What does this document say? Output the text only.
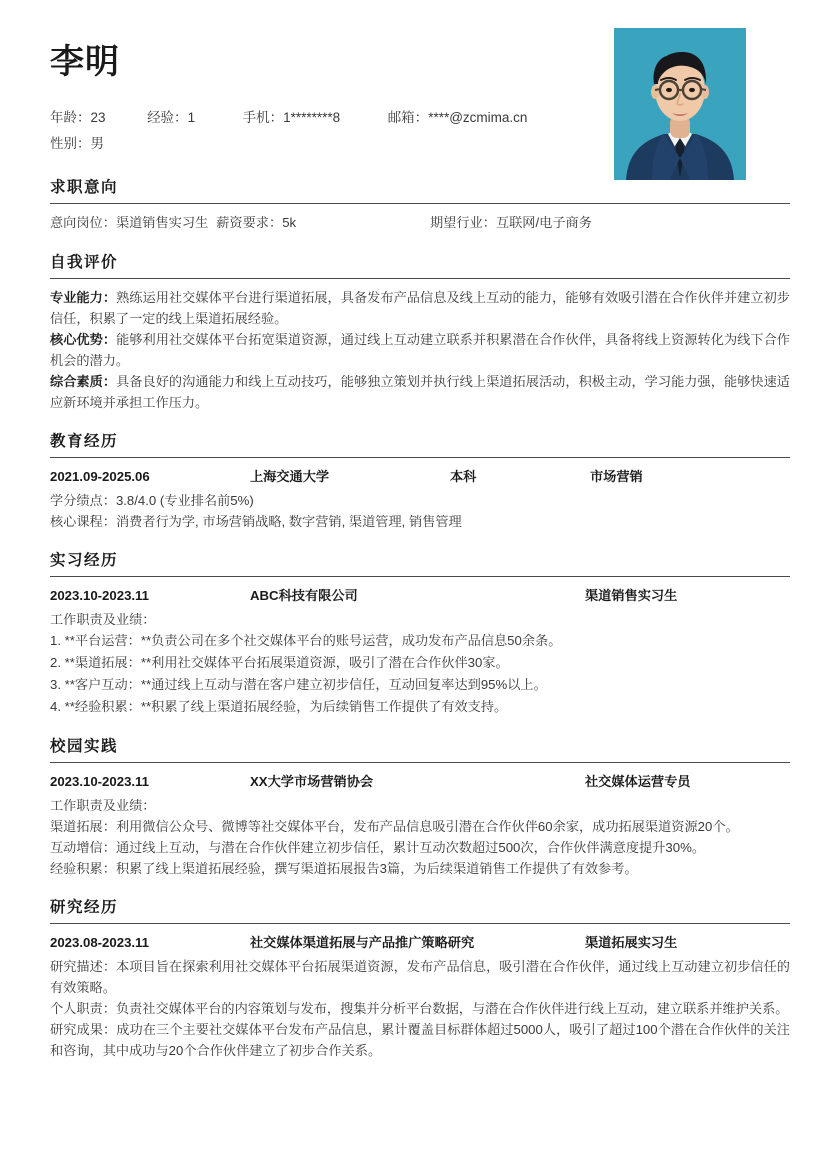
李明
年龄：23	经验：1	手机：1********8	邮箱：****@zcmima.cn
性别：男
求职意向
意向岗位：渠道销售实习生 薪资要求：5k	期望行业：互联网/电子商务
自我评价

专业能力：熟练运用社交媒体平台进行渠道拓展，具备发布产品信息及线上互动的能力，能够有效吸引潜在合作伙伴并建立初步信任，积累了一定的线上渠道拓展经验。

核心优势：能够利用社交媒体平台拓宽渠道资源，通过线上互动建立联系并积累潜在合作伙伴，具备将线上资源转化为线下合作机会的潜力。

综合素质：具备良好的沟通能力和线上互动技巧，能够独立策划并执行线上渠道拓展活动，积极主动，学习能力强，能够快速适应新环境并承担工作压力。

教育经历
2021.09-2025.06	上海交通大学	本科	市场营销

学分绩点：3.8/4.0 (专业排名前5%)

核心课程：消费者行为学, 市场营销战略, 数字营销, 渠道管理, 销售管理

实习经历
2023.10-2023.11	ABC科技有限公司	渠道销售实习生

工作职责及业绩：

1. **平台运营：**负责公司在多个社交媒体平台的账号运营，成功发布产品信息50余条。

2. **渠道拓展：**利用社交媒体平台拓展渠道资源，吸引了潜在合作伙伴30家。

3. **客户互动：**通过线上互动与潜在客户建立初步信任，互动回复率达到95%以上。

4. **经验积累：**积累了线上渠道拓展经验，为后续销售工作提供了有效支持。

校园实践
2023.10-2023.11	XX大学市场营销协会	社交媒体运营专员

工作职责及业绩：

渠道拓展：利用微信公众号、微博等社交媒体平台，发布产品信息吸引潜在合作伙伴60余家，成功拓展渠道资源20个。

互动增信：通过线上互动，与潜在合作伙伴建立初步信任，累计互动次数超过500次，合作伙伴满意度提升30%。

经验积累：积累了线上渠道拓展经验，撰写渠道拓展报告3篇，为后续渠道销售工作提供了有效参考。

研究经历
2023.08-2023.11	社交媒体渠道拓展与产品推广策略研究	渠道拓展实习生

研究描述：本项目旨在探索利用社交媒体平台拓展渠道资源，发布产品信息，吸引潜在合作伙伴，通过线上互动建立初步信任的有效策略。

个人职责：负责社交媒体平台的内容策划与发布，搜集并分析平台数据，与潜在合作伙伴进行线上互动，建立联系并维护关系。

研究成果：成功在三个主要社交媒体平台发布产品信息，累计覆盖目标群体超过5000人，吸引了超过100个潜在合作伙伴的关注和咨询，其中成功与20个合作伙伴建立了初步合作关系。
